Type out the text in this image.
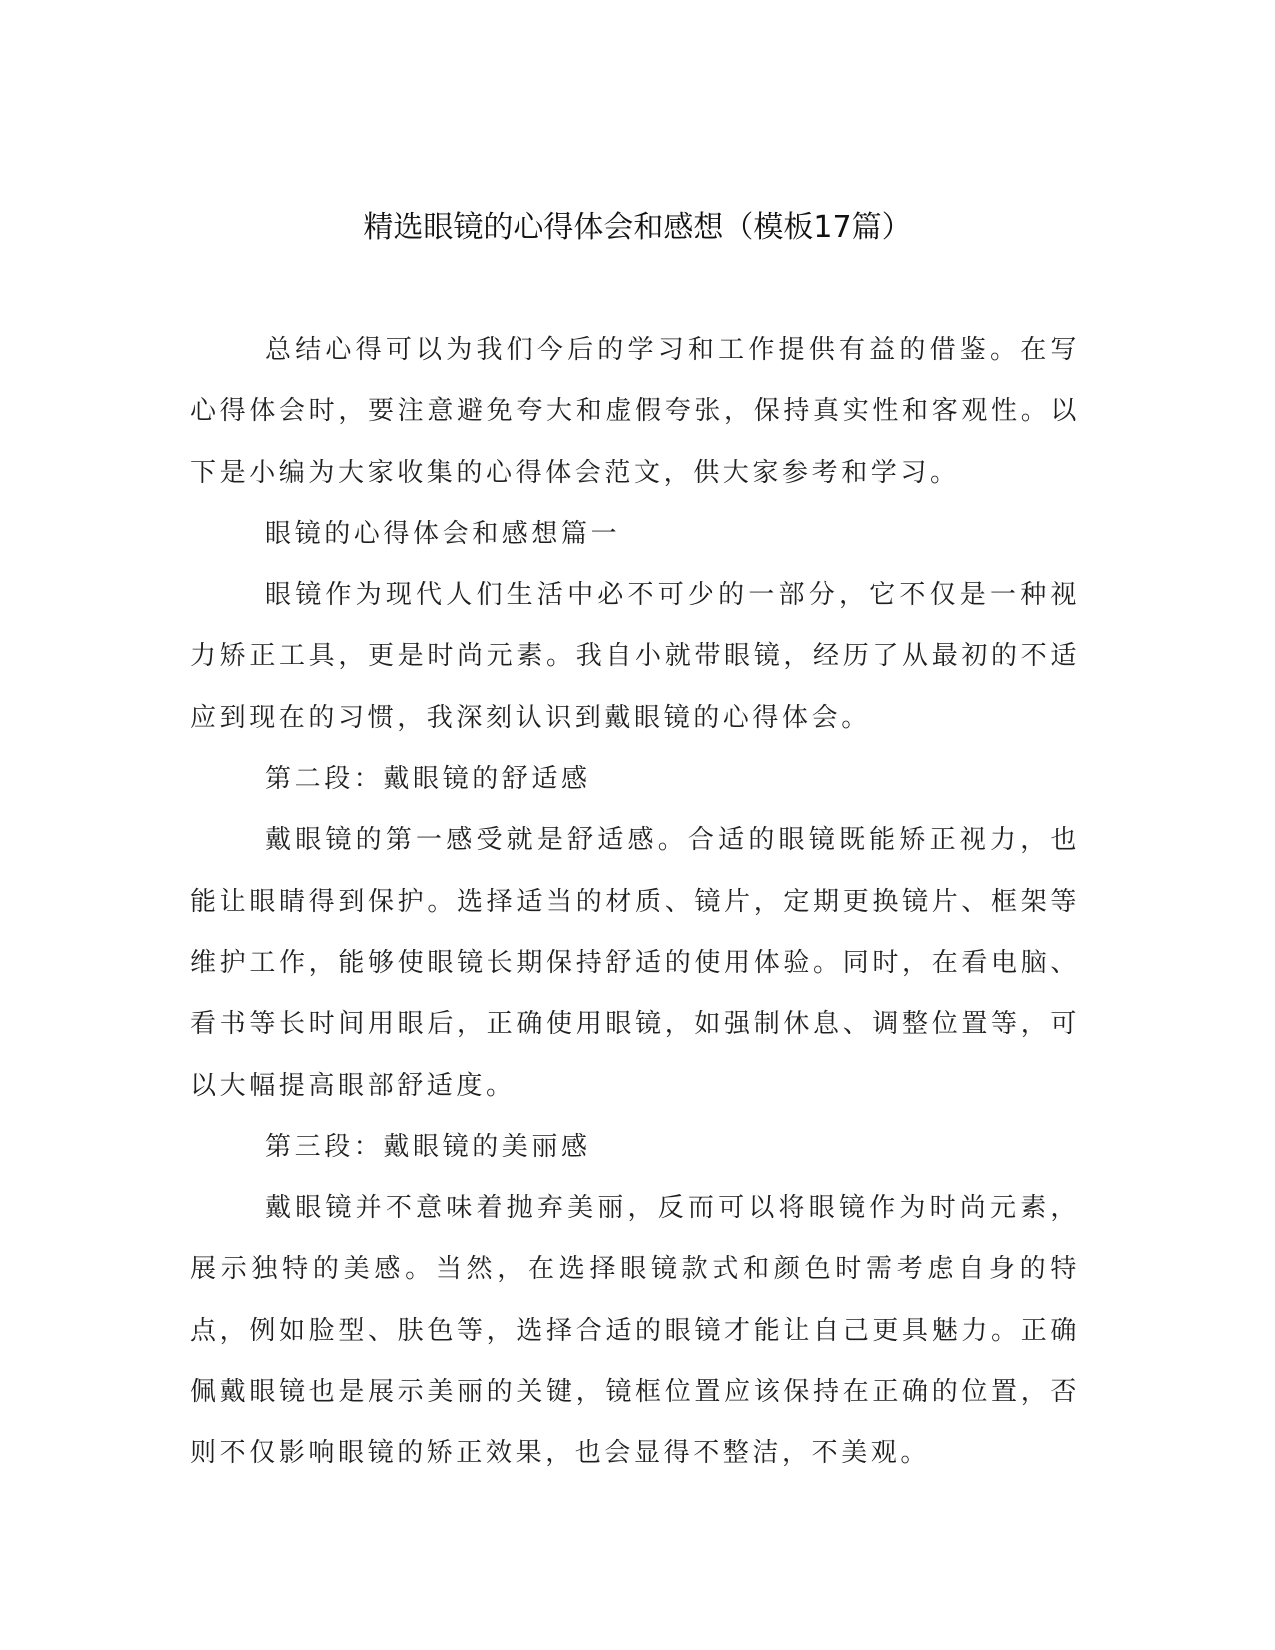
精选眼镜的心得体会和感想（模板17篇）

总结心得可以为我们今后的学习和工作提供有益的借鉴。在写心得体会时，要注意避免夸大和虚假夸张，保持真实性和客观性。以下是小编为大家收集的心得体会范文，供大家参考和学习。

眼镜的心得体会和感想篇一

眼镜作为现代人们生活中必不可少的一部分，它不仅是一种视力矫正工具，更是时尚元素。我自小就带眼镜，经历了从最初的不适应到现在的习惯，我深刻认识到戴眼镜的心得体会。

第二段：戴眼镜的舒适感

戴眼镜的第一感受就是舒适感。合适的眼镜既能矫正视力，也能让眼睛得到保护。选择适当的材质、镜片，定期更换镜片、框架等维护工作，能够使眼镜长期保持舒适的使用体验。同时，在看电脑、看书等长时间用眼后，正确使用眼镜，如强制休息、调整位置等，可以大幅提高眼部舒适度。

第三段：戴眼镜的美丽感

戴眼镜并不意味着抛弃美丽，反而可以将眼镜作为时尚元素，展示独特的美感。当然，在选择眼镜款式和颜色时需考虑自身的特点，例如脸型、肤色等，选择合适的眼镜才能让自己更具魅力。正确佩戴眼镜也是展示美丽的关键，镜框位置应该保持在正确的位置，否则不仅影响眼镜的矫正效果，也会显得不整洁，不美观。
